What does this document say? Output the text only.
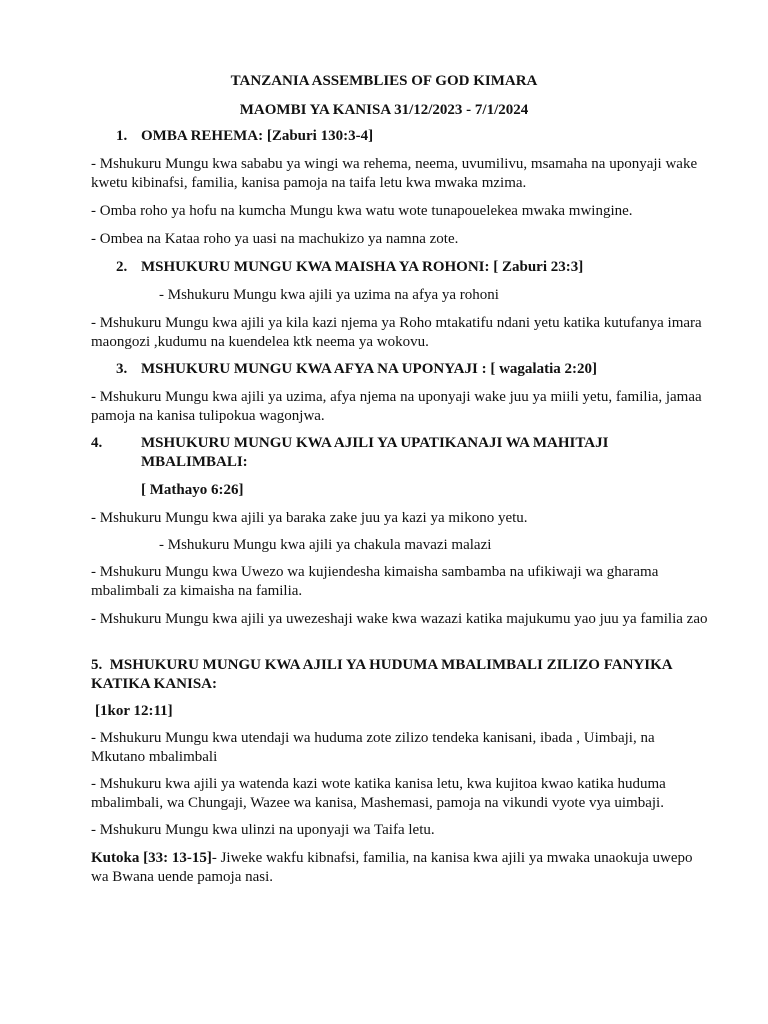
TANZANIA ASSEMBLIES OF GOD KIMARA

MAOMBI YA KANISA 31/12/2023 - 7/1/2024

1. OMBA REHEMA: [Zaburi 130:3-4]

- Mshukuru Mungu kwa sababu ya wingi wa rehema, neema, uvumilivu, msamaha na uponyaji wake kwetu kibinafsi, familia, kanisa pamoja na taifa letu kwa mwaka mzima.

- Omba roho ya hofu na kumcha Mungu kwa watu wote tunapouelekea mwaka mwingine.

- Ombea na Kataa roho ya uasi na machukizo ya namna zote.

2. MSHUKURU MUNGU KWA MAISHA YA ROHONI: [ Zaburi 23:3]

- Mshukuru Mungu kwa ajili ya uzima na afya ya rohoni

- Mshukuru Mungu kwa ajili ya kila kazi njema ya Roho mtakatifu ndani yetu katika kutufanya imara maongozi ,kudumu na kuendelea ktk neema ya wokovu.

3. MSHUKURU MUNGU KWA AFYA NA UPONYAJI : [ wagalatia 2:20]

- Mshukuru Mungu kwa ajili ya uzima, afya njema na uponyaji wake juu ya miili yetu, familia, jamaa pamoja na kanisa tulipokua wagonjwa.

4.	MSHUKURU MUNGU KWA AJILI YA UPATIKANAJI WA MAHITAJI MBALIMBALI:

[ Mathayo 6:26]

- Mshukuru Mungu kwa ajili ya baraka zake juu ya kazi ya mikono yetu.

- Mshukuru Mungu kwa ajili ya chakula mavazi malazi

- Mshukuru Mungu kwa Uwezo wa kujiendesha kimaisha sambamba na ufikiwaji wa gharama mbalimbali za kimaisha na familia.

- Mshukuru Mungu kwa ajili ya uwezeshaji wake kwa wazazi katika majukumu yao juu ya familia zao

5. MSHUKURU MUNGU KWA AJILI YA HUDUMA MBALIMBALI ZILIZO FANYIKA KATIKA KANISA:

[1kor 12:11]

- Mshukuru Mungu kwa utendaji wa huduma zote zilizo tendeka kanisani, ibada , Uimbaji, na Mkutano mbalimbali

- Mshukuru kwa ajili ya watenda kazi wote katika kanisa letu, kwa kujitoa kwao katika huduma mbalimbali, wa Chungaji, Wazee wa kanisa, Mashemasi, pamoja na vikundi vyote vya uimbaji.

- Mshukuru Mungu kwa ulinzi na uponyaji wa Taifa letu.

Kutoka [33: 13-15]- Jiweke wakfu kibnafsi, familia, na kanisa kwa ajili ya mwaka unaokuja uwepo wa Bwana uende pamoja nasi.
